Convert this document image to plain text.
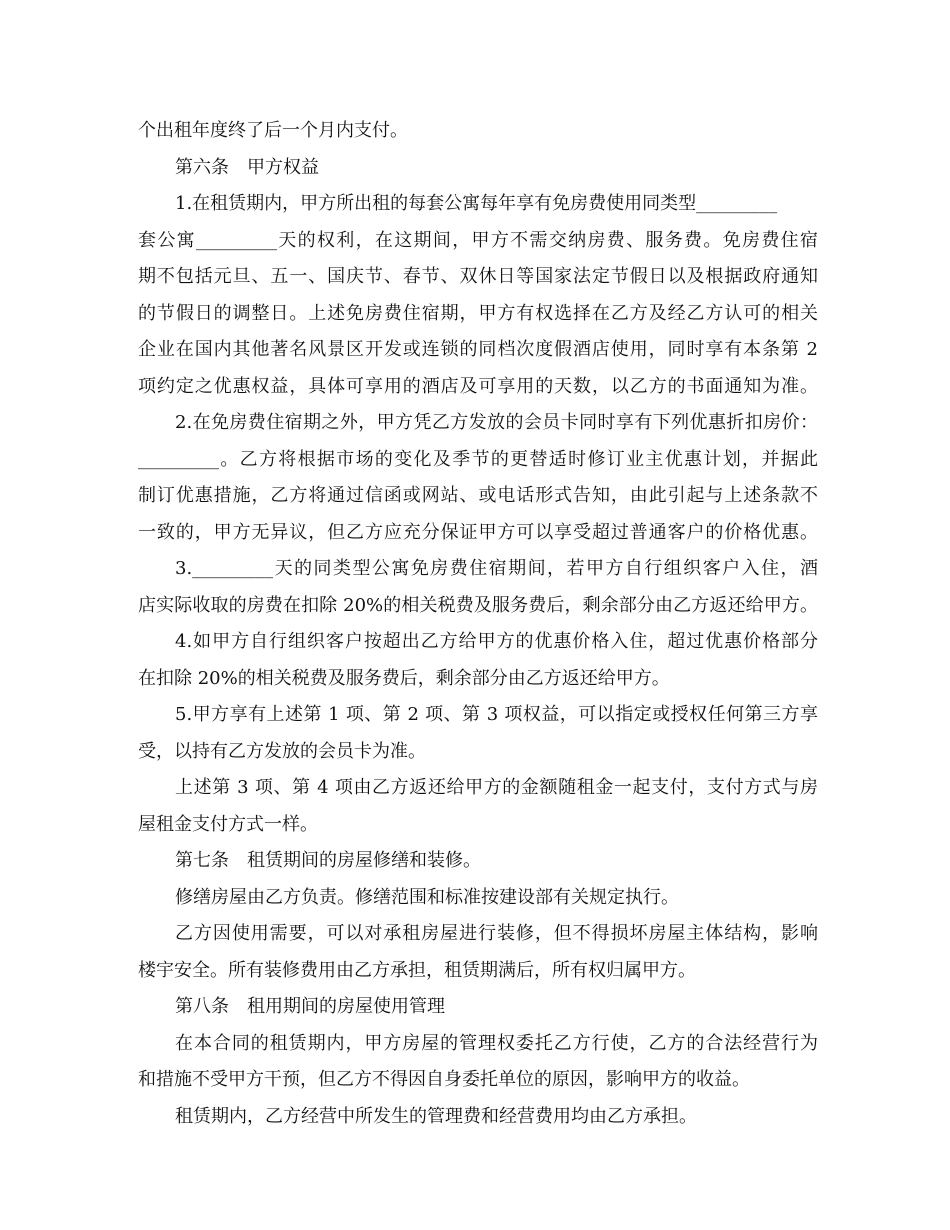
个出租年度终了后一个月内支付。
第六条　甲方权益
1.在租赁期内，甲方所出租的每套公寓每年享有免房费使用同类型_________
套公寓_________天的权利，在这期间，甲方不需交纳房费、服务费。免房费住宿
期不包括元旦、五一、国庆节、春节、双休日等国家法定节假日以及根据政府通知
的节假日的调整日。上述免房费住宿期，甲方有权选择在乙方及经乙方认可的相关
企业在国内其他著名风景区开发或连锁的同档次度假酒店使用，同时享有本条第 2
项约定之优惠权益，具体可享用的酒店及可享用的天数，以乙方的书面通知为准。
2.在免房费住宿期之外，甲方凭乙方发放的会员卡同时享有下列优惠折扣房价：
_________。乙方将根据市场的变化及季节的更替适时修订业主优惠计划，并据此
制订优惠措施，乙方将通过信函或网站、或电话形式告知，由此引起与上述条款不
一致的，甲方无异议，但乙方应充分保证甲方可以享受超过普通客户的价格优惠。
3._________天的同类型公寓免房费住宿期间，若甲方自行组织客户入住，酒
店实际收取的房费在扣除 20%的相关税费及服务费后，剩余部分由乙方返还给甲方。
4.如甲方自行组织客户按超出乙方给甲方的优惠价格入住，超过优惠价格部分
在扣除 20%的相关税费及服务费后，剩余部分由乙方返还给甲方。
5.甲方享有上述第 1 项、第 2 项、第 3 项权益，可以指定或授权任何第三方享
受，以持有乙方发放的会员卡为准。
上述第 3 项、第 4 项由乙方返还给甲方的金额随租金一起支付，支付方式与房
屋租金支付方式一样。
第七条　租赁期间的房屋修缮和装修。
修缮房屋由乙方负责。修缮范围和标准按建设部有关规定执行。
乙方因使用需要，可以对承租房屋进行装修，但不得损坏房屋主体结构，影响
楼宇安全。所有装修费用由乙方承担，租赁期满后，所有权归属甲方。
第八条　租用期间的房屋使用管理
在本合同的租赁期内，甲方房屋的管理权委托乙方行使，乙方的合法经营行为
和措施不受甲方干预，但乙方不得因自身委托单位的原因，影响甲方的收益。
租赁期内，乙方经营中所发生的管理费和经营费用均由乙方承担。
